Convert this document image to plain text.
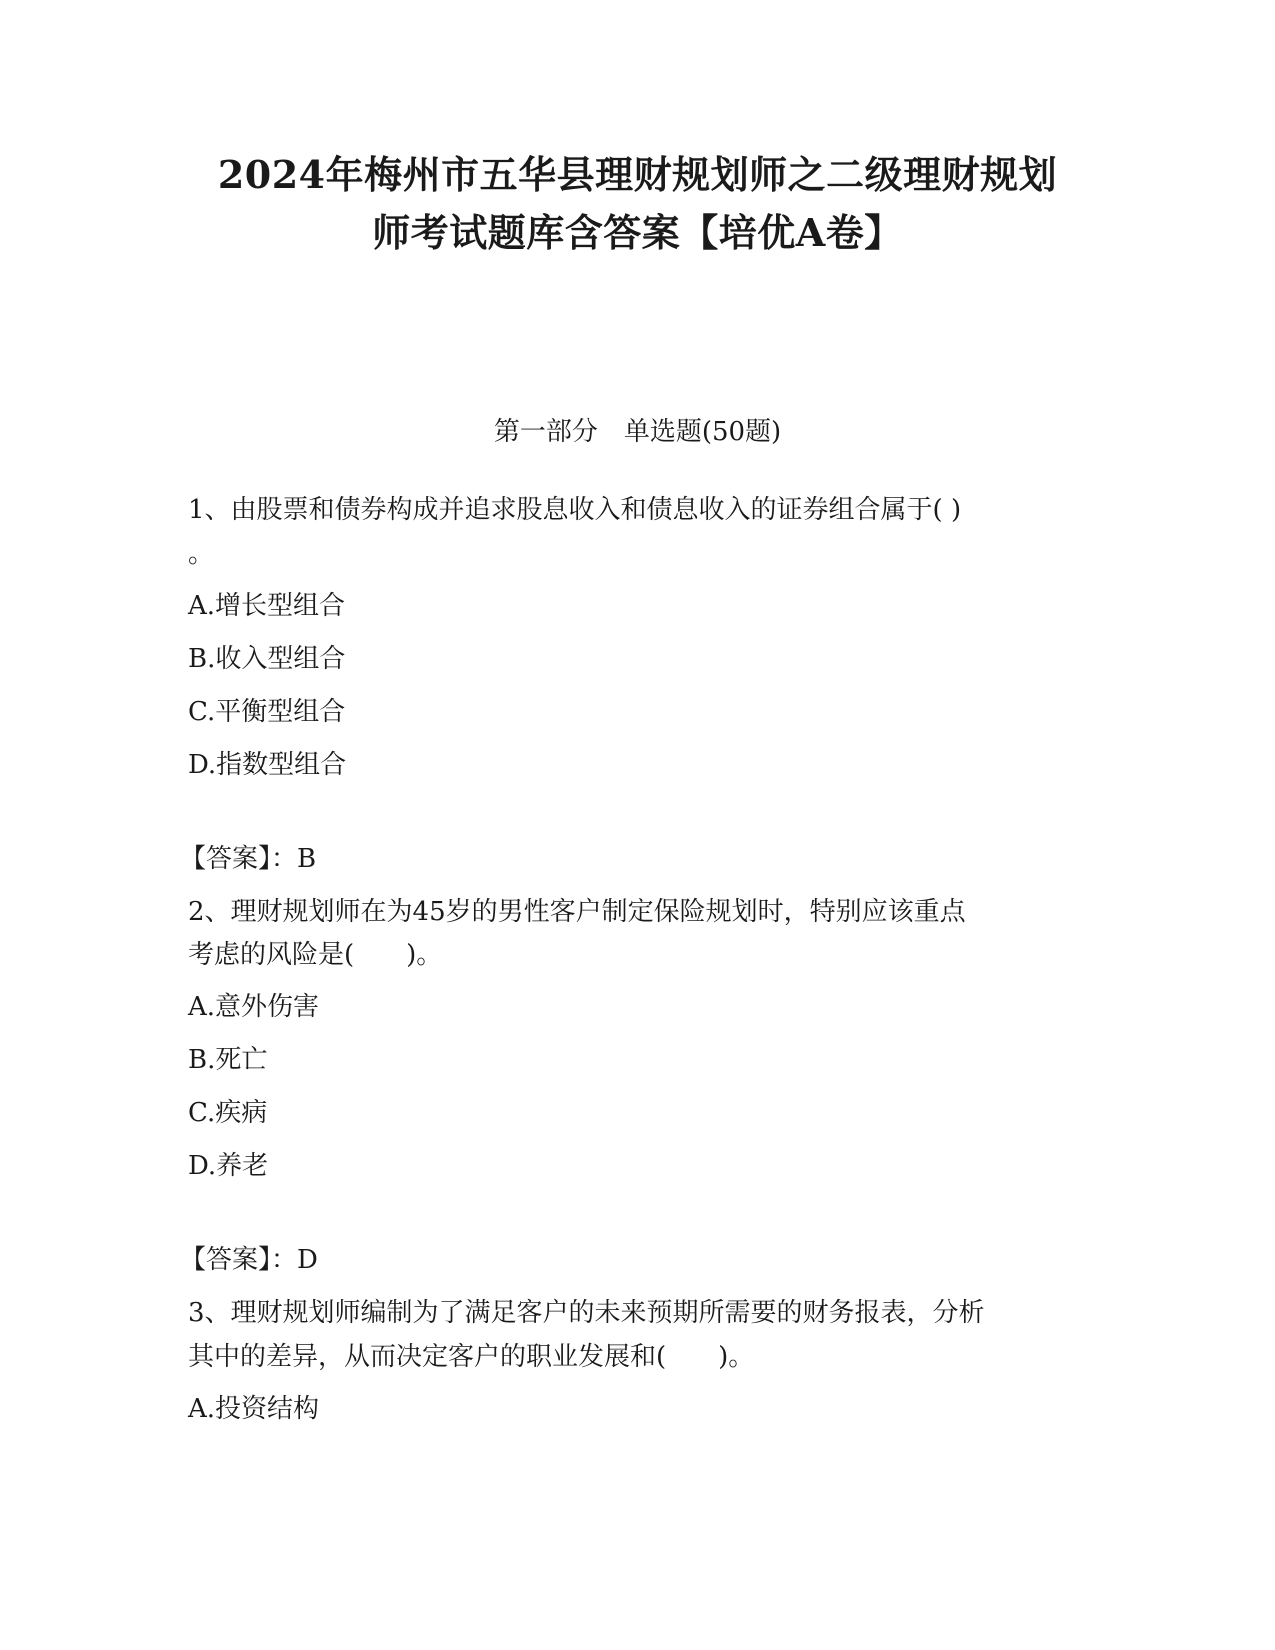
2024年梅州市五华县理财规划师之二级理财规划
师考试题库含答案【培优A卷】
第一部分　单选题(50题)
1、由股票和债券构成并追求股息收入和债息收入的证券组合属于( )
。
A.增长型组合
B.收入型组合
C.平衡型组合
D.指数型组合
【答案】：B
2、理财规划师在为45岁的男性客户制定保险规划时，特别应该重点
考虑的风险是(　　)。
A.意外伤害
B.死亡
C.疾病
D.养老
【答案】：D
3、理财规划师编制为了满足客户的未来预期所需要的财务报表，分析
其中的差异，从而决定客户的职业发展和(　　)。
A.投资结构
